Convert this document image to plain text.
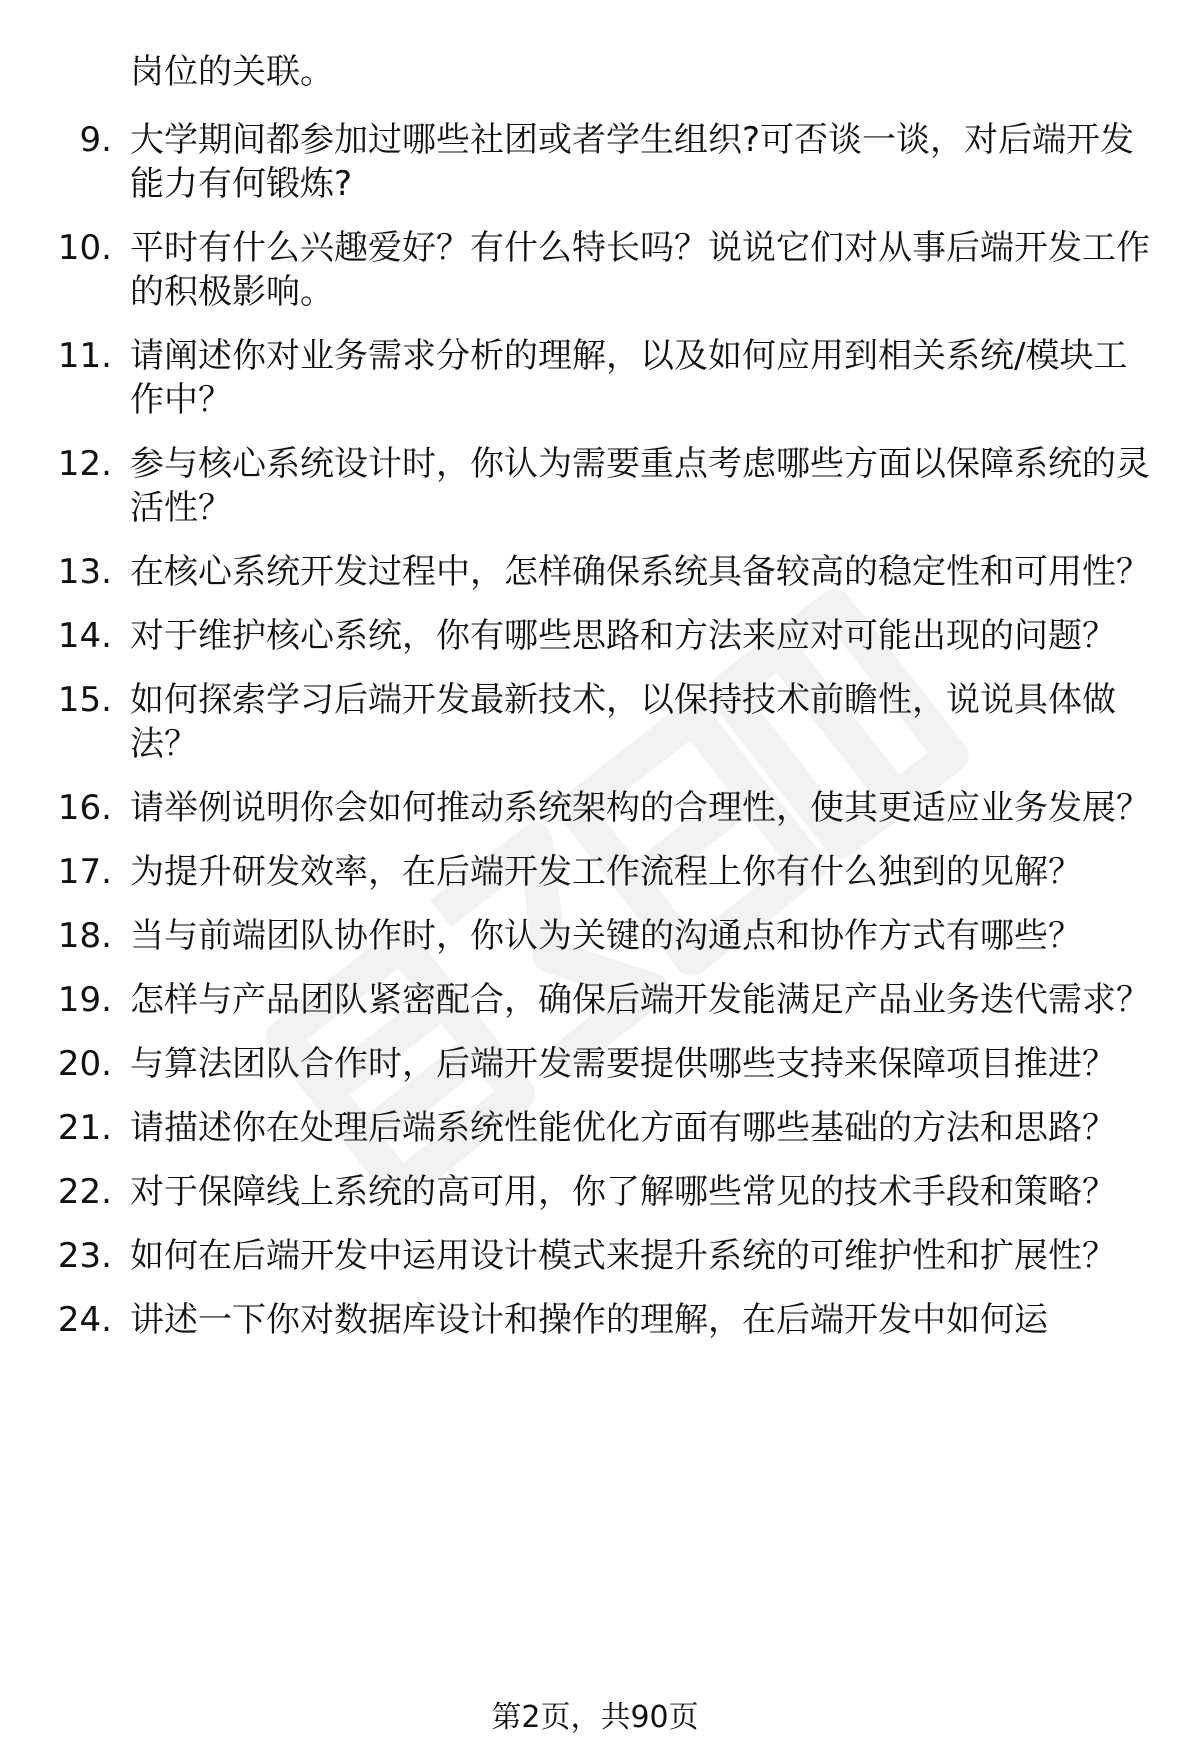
岗位的关联。
9. 大学期间都参加过哪些社团或者学生组织?可否谈一谈，对后端开发能力有何锻炼?
10. 平时有什么兴趣爱好？有什么特长吗？说说它们对从事后端开发工作的积极影响。
11. 请阐述你对业务需求分析的理解，以及如何应用到相关系统/模块工作中？
12. 参与核心系统设计时，你认为需要重点考虑哪些方面以保障系统的灵活性？
13. 在核心系统开发过程中，怎样确保系统具备较高的稳定性和可用性？
14. 对于维护核心系统，你有哪些思路和方法来应对可能出现的问题？
15. 如何探索学习后端开发最新技术，以保持技术前瞻性，说说具体做法？
16. 请举例说明你会如何推动系统架构的合理性，使其更适应业务发展？
17. 为提升研发效率，在后端开发工作流程上你有什么独到的见解？
18. 当与前端团队协作时，你认为关键的沟通点和协作方式有哪些？
19. 怎样与产品团队紧密配合，确保后端开发能满足产品业务迭代需求？
20. 与算法团队合作时，后端开发需要提供哪些支持来保障项目推进？
21. 请描述你在处理后端系统性能优化方面有哪些基础的方法和思路？
22. 对于保障线上系统的高可用，你了解哪些常见的技术手段和策略？
23. 如何在后端开发中运用设计模式来提升系统的可维护性和扩展性？
24. 讲述一下你对数据库设计和操作的理解，在后端开发中如何运
第2页，共90页
